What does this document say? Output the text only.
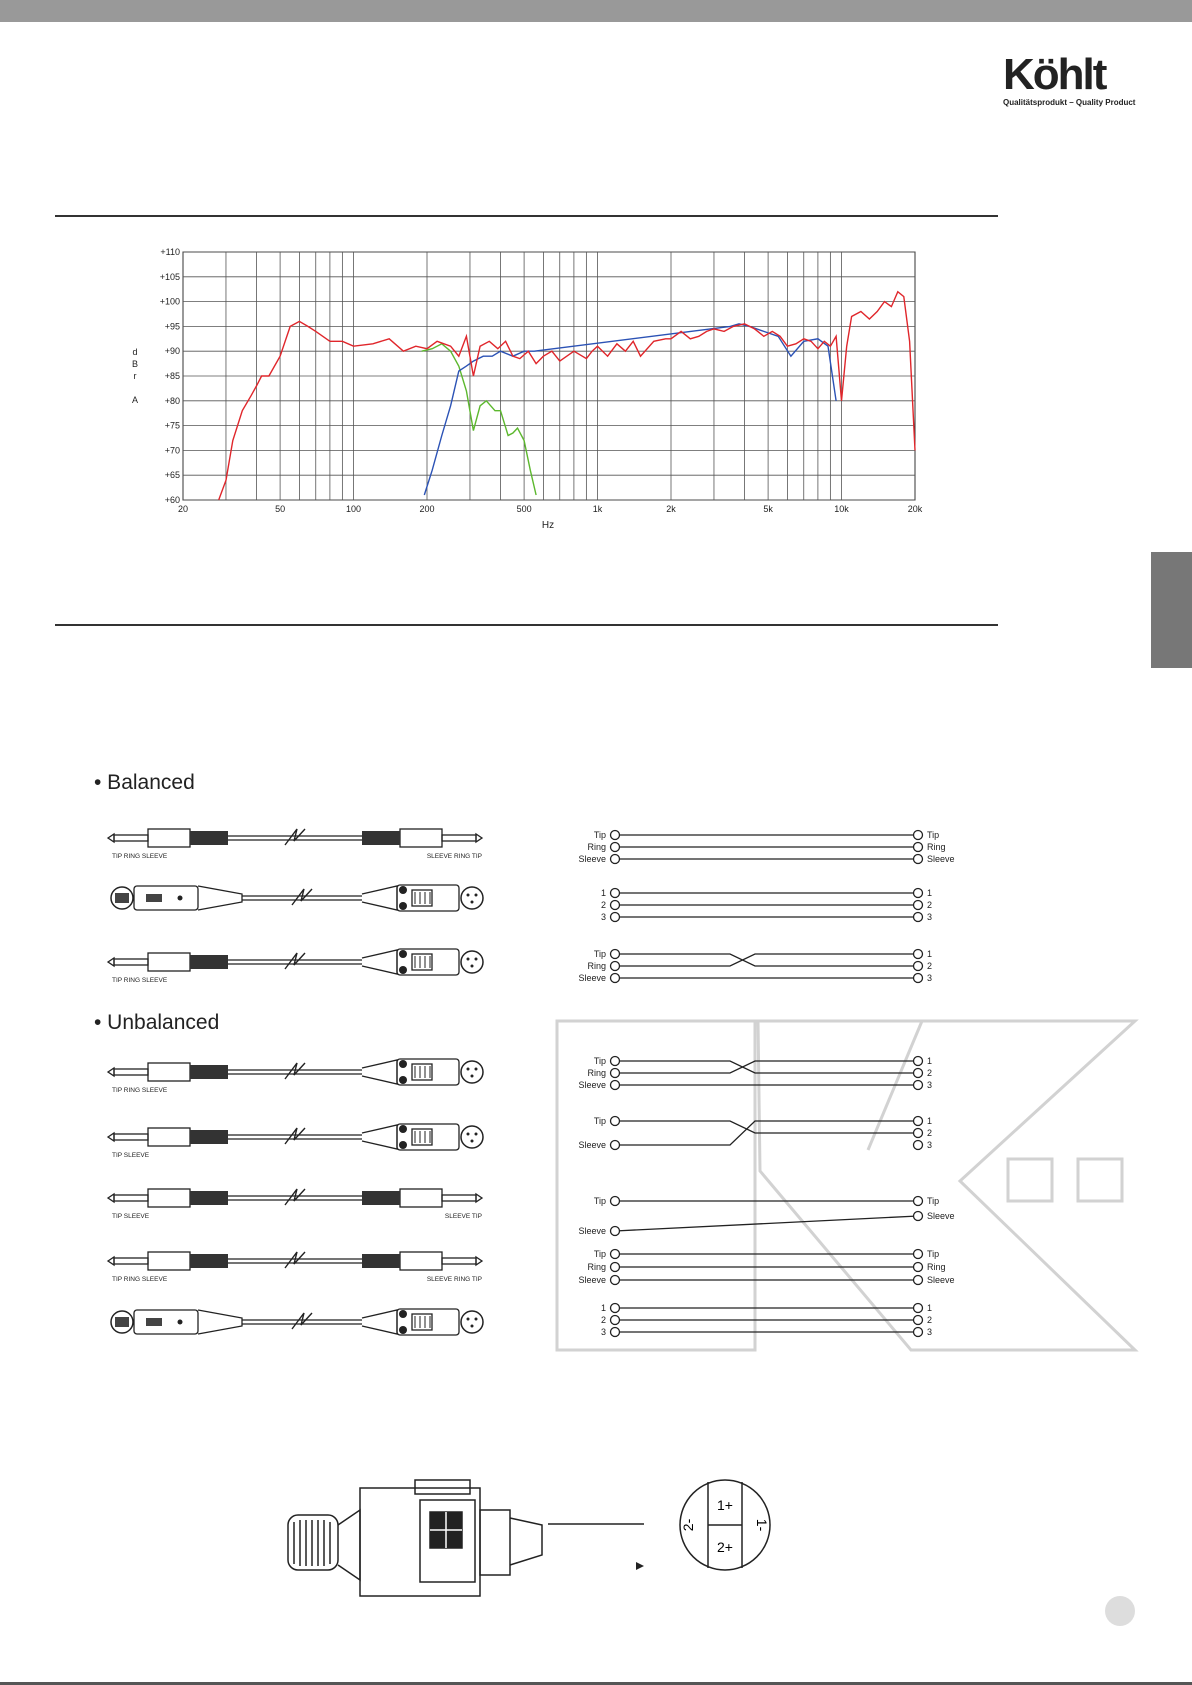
Köhlt
Qualitätsprodukt – Quality Product
+60
+65
+70
+75
+80
+85
+90
+95
+100
+105
+110
20	50	100	200	500	1k	2k	5k	10k	20k
d
B
r
A
Hz
• Balanced
• Unbalanced
TIP RING SLEEVE	SLEEVE RING TIP
TIP RING SLEEVE
TIP RING SLEEVE
TIP SLEEVE
TIP SLEEVE	SLEEVE TIP
TIP RING SLEEVE	SLEEVE RING TIP
Tip
Ring
Sleeve
Tip
Ring
Sleeve
1
2
3
1
2
3
Tip
Ring
Sleeve
1
2
3
Tip
Ring
Sleeve
1
2
3
Tip
Sleeve
1
2
3
Tip
Sleeve
Tip
Sleeve
Tip
Ring
Sleeve
Tip
Ring
Sleeve
1
2
3
1
2
3
1+
2+
1-
2-
